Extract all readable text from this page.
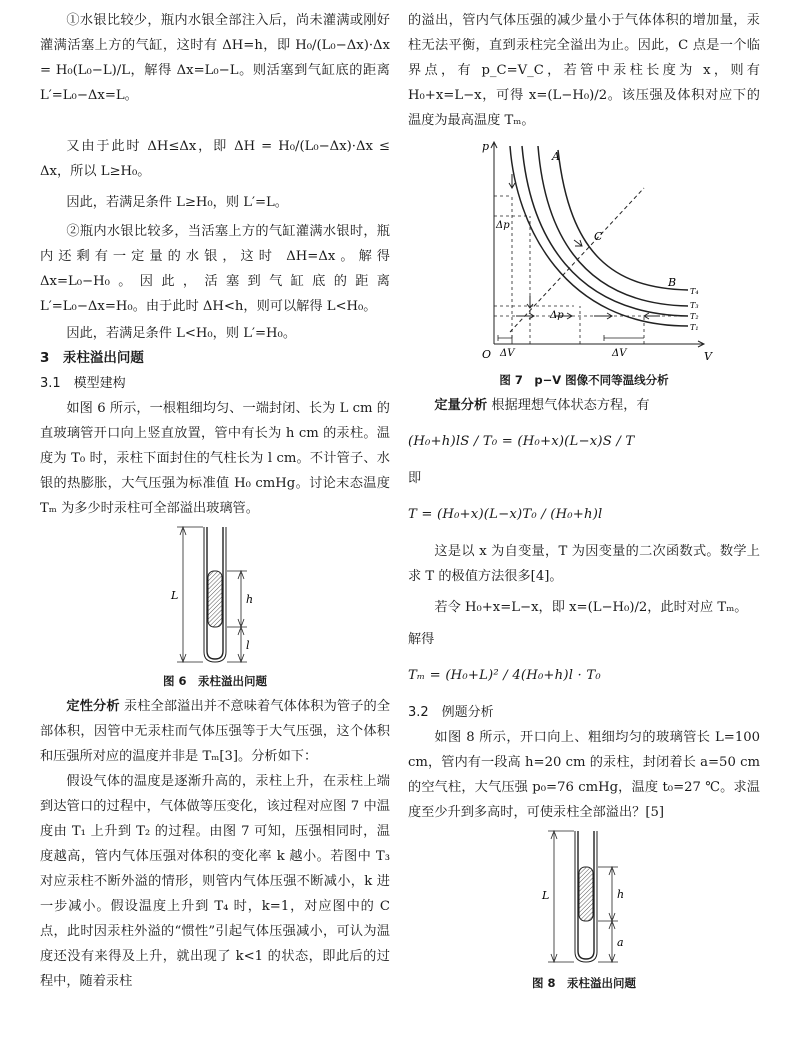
①水银比较少，瓶内水银全部注入后，尚未灌满或刚好灌满活塞上方的气缸，这时有 ΔH=h，即 H₀/(L₀−Δx)·Δx = H₀(L₀−L)/L，解得 Δx=L₀−L。则活塞到气缸底的距离 L′=L₀−Δx=L。

又由于此时 ΔH≤Δx，即 ΔH = H₀/(L₀−Δx)·Δx ≤ Δx，所以 L≥H₀。

因此，若满足条件 L≥H₀，则 L′=L。

②瓶内水银比较多，当活塞上方的气缸灌满水银时，瓶内还剩有一定量的水银，这时 ΔH=Δx。解得 Δx=L₀−H₀。因此，活塞到气缸底的距离 L′=L₀−Δx=H₀。由于此时 ΔH<h，则可以解得 L<H₀。

因此，若满足条件 L<H₀，则 L′=H₀。

3　汞柱溢出问题

3.1　模型建构

如图 6 所示，一根粗细均匀、一端封闭、长为 L cm 的直玻璃管开口向上竖直放置，管中有长为 h cm 的汞柱。温度为 T₀ 时，汞柱下面封住的气柱长为 l cm。不计管子、水银的热膨胀，大气压强为标准值 H₀ cmHg。讨论末态温度 Tₘ 为多少时汞柱可全部溢出玻璃管。

L	h
l

图 6　汞柱溢出问题

定性分析 汞柱全部溢出并不意味着气体体积为管子的全部体积，因管中无汞柱而气体压强等于大气压强，这个体积和压强所对应的温度并非是 Tₘ[3]。分析如下：

假设气体的温度是逐渐升高的，汞柱上升，在汞柱上端到达管口的过程中，气体做等压变化，该过程对应图 7 中温度由 T₁ 上升到 T₂ 的过程。由图 7 可知，压强相同时，温度越高，管内气体压强对体积的变化率 k 越小。若图中 T₃ 对应汞柱不断外溢的情形，则管内气体压强不断减小，k 进一步减小。假设温度上升到 T₄ 时，k=1，对应图中的 C 点，此时因汞柱外溢的“惯性”引起气体压强减小，可认为温度还没有来得及上升，就出现了 k<1 的状态，即此后的过程中，随着汞柱

的溢出，管内气体压强的减少量小于气体体积的增加量，汞柱无法平衡，直到汞柱完全溢出为止。因此，C 点是一个临界点，有 p_C=V_C，若管中汞柱长度为 x，则有 H₀+x=L−x，可得 x=(L−H₀)/2。该压强及体积对应下的温度为最高温度 Tₘ。

p
V
O
A
B
C
Δp
Δp
ΔV	ΔV
T₄
T₃
T₂
T₁

图 7　p−V 图像不同等温线分析

定量分析 根据理想气体状态方程，有

(H₀+h)lS / T₀ = (H₀+x)(L−x)S / T

即

T = (H₀+x)(L−x)T₀ / (H₀+h)l

这是以 x 为自变量，T 为因变量的二次函数式。数学上求 T 的极值方法很多[4]。

若令 H₀+x=L−x，即 x=(L−H₀)/2，此时对应 Tₘ。

解得

Tₘ = (H₀+L)² / 4(H₀+h)l · T₀

3.2　例题分析

如图 8 所示，开口向上、粗细均匀的玻璃管长 L=100 cm，管内有一段高 h=20 cm 的汞柱，封闭着长 a=50 cm 的空气柱，大气压强 p₀=76 cmHg，温度 t₀=27 ℃。求温度至少升到多高时，可使汞柱全部溢出？[5]

L	h
a

图 8　汞柱溢出问题
